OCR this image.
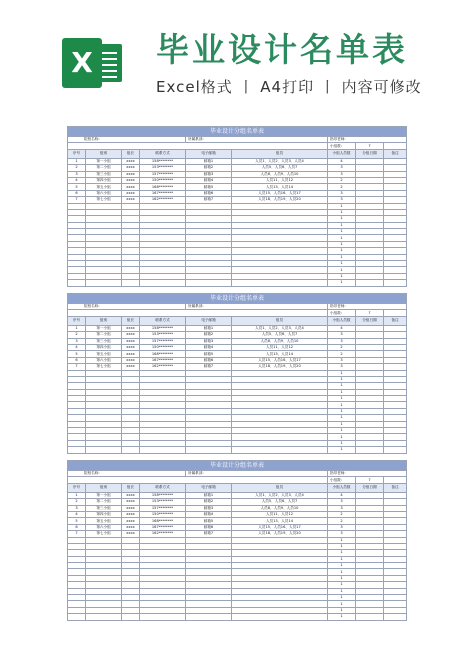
X 毕业设计名单表
Excel格式 丨 A4打印 丨 内容可修改
毕业设计分组名单表								
院校名称:				所属系部:		指导老师:		
						小组数:	7	
序号	组别	组长	联系方式	电子邮箱	组员	小组人员数	分组日期	备注
1	第一小组	xxxx	158********	邮箱1	人员1、人员2、人员3、人员4	4		
2	第二小组	xxxx	153********	邮箱2	人员5、人员6、人员7	3		
3	第三小组	xxxx	157********	邮箱3	人员8、人员9、人员10	3		
4	第四小组	xxxx	150********	邮箱4	人员11、人员12	2		
5	第五小组	xxxx	168********	邮箱5	人员13、人员14	2		
6	第六小组	xxxx	167********	邮箱6	人员15、人员16、人员17	3		
7	第七小组	xxxx	162********	邮箱7	人员18、人员19、人员20	3		
						1		
						1		
						1		
						1		
						1		
						1		
						1		
						1		
						1		
						1		
						1		
						1		
						1		
毕业设计分组名单表								
院校名称:				所属系部:		指导老师:		
						小组数:	7	
序号	组别	组长	联系方式	电子邮箱	组员	小组人员数	分组日期	备注
1	第一小组	xxxx	158********	邮箱1	人员1、人员2、人员3、人员4	4		
2	第二小组	xxxx	153********	邮箱2	人员5、人员6、人员7	3		
3	第三小组	xxxx	157********	邮箱3	人员8、人员9、人员10	3		
4	第四小组	xxxx	150********	邮箱4	人员11、人员12	2		
5	第五小组	xxxx	168********	邮箱5	人员13、人员14	2		
6	第六小组	xxxx	167********	邮箱6	人员15、人员16、人员17	3		
7	第七小组	xxxx	162********	邮箱7	人员18、人员19、人员20	3		
						1		
						1		
						1		
						1		
						1		
						1		
						1		
						1		
						1		
						1		
						1		
						1		
						1		
毕业设计分组名单表								
院校名称:				所属系部:		指导老师:		
						小组数:	7	
序号	组别	组长	联系方式	电子邮箱	组员	小组人员数	分组日期	备注
1	第一小组	xxxx	158********	邮箱1	人员1、人员2、人员3、人员4	4		
2	第二小组	xxxx	153********	邮箱2	人员5、人员6、人员7	3		
3	第三小组	xxxx	157********	邮箱3	人员8、人员9、人员10	3		
4	第四小组	xxxx	150********	邮箱4	人员11、人员12	2		
5	第五小组	xxxx	168********	邮箱5	人员13、人员14	2		
6	第六小组	xxxx	167********	邮箱6	人员15、人员16、人员17	3		
7	第七小组	xxxx	162********	邮箱7	人员18、人员19、人员20	3		
						1		
						1		
						1		
						1		
						1		
						1		
						1		
						1		
						1		
						1		
						1		
						1		
						1		
